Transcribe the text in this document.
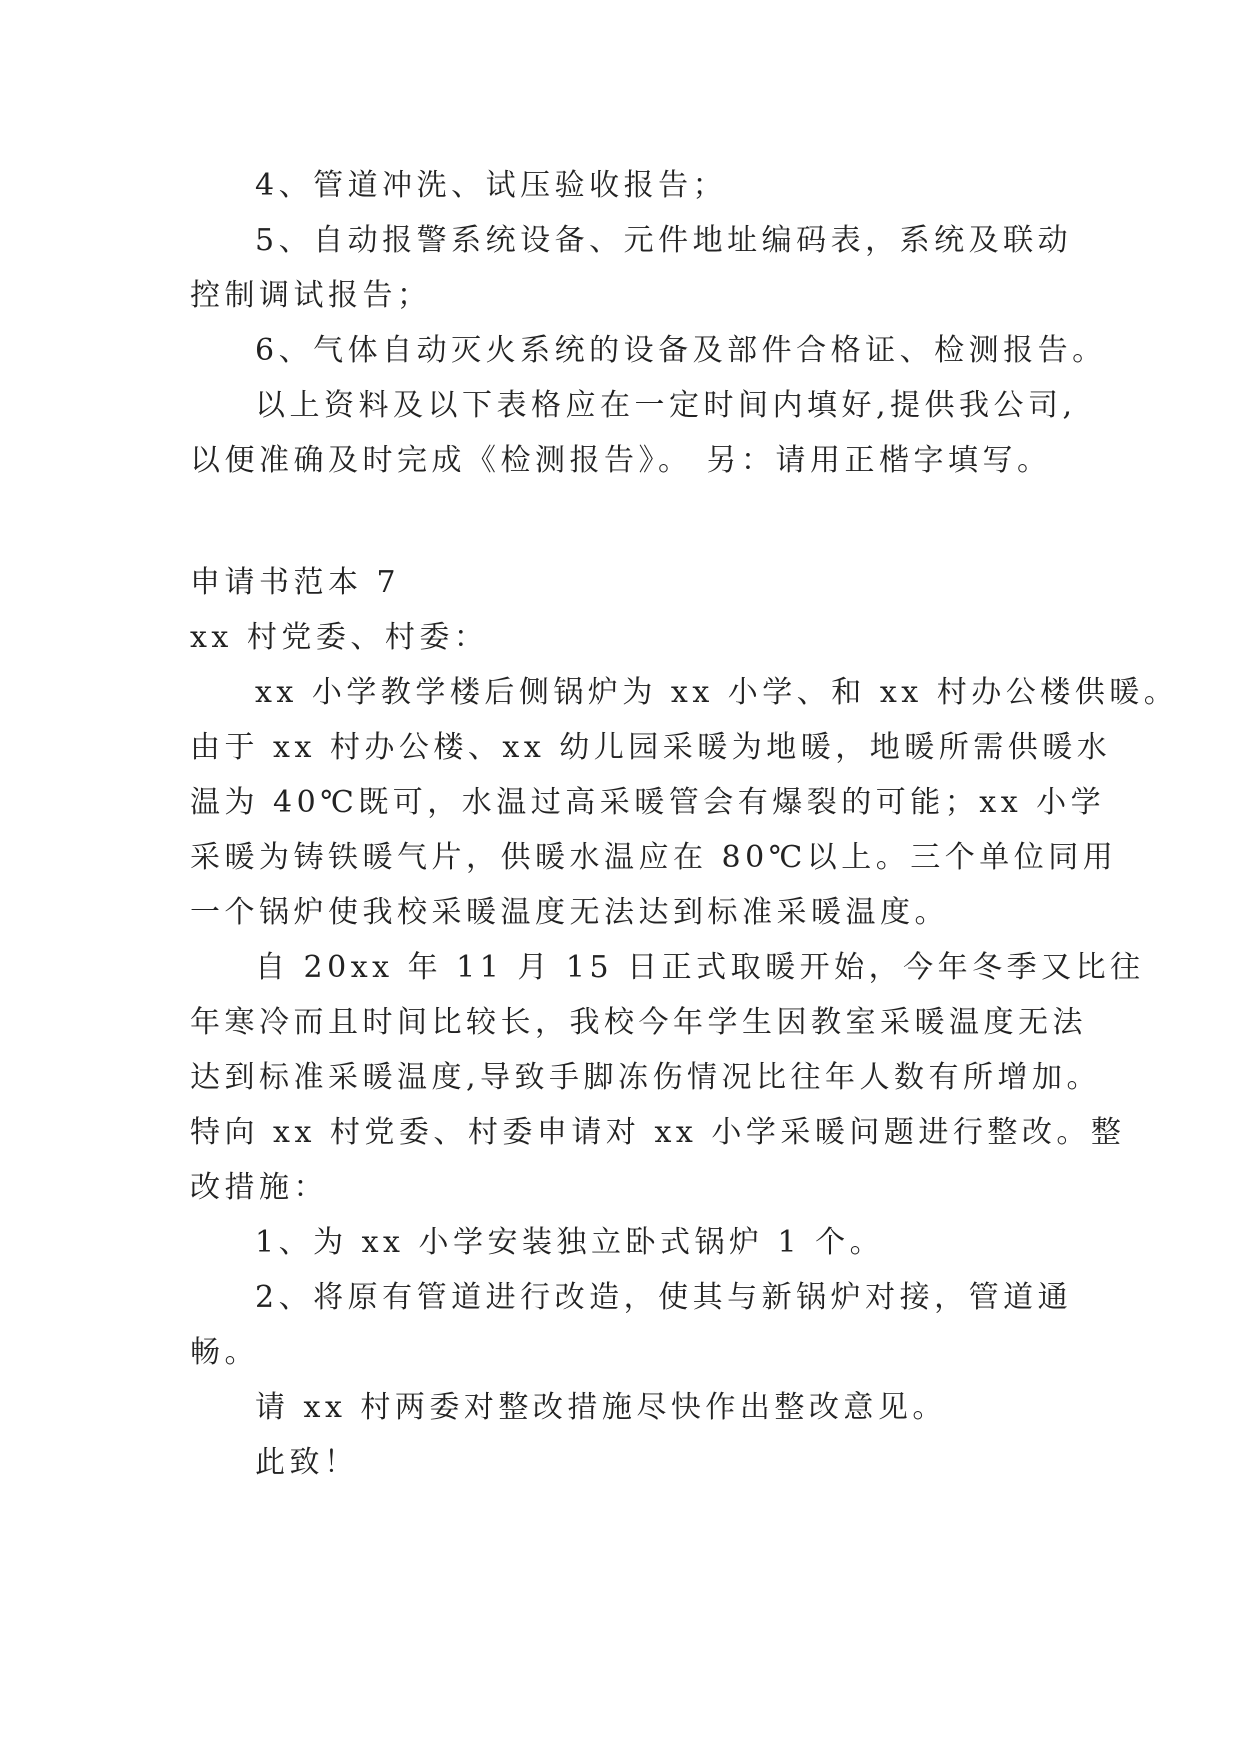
4、管道冲洗、试压验收报告；
5、自动报警系统设备、元件地址编码表，系统及联动
控制调试报告；
6、气体自动灭火系统的设备及部件合格证、检测报告。
以上资料及以下表格应在一定时间内填好,提供我公司,
以便准确及时完成《检测报告》。 另：请用正楷字填写。
申请书范本 7
xx 村党委、村委：
xx 小学教学楼后侧锅炉为 xx 小学、和 xx 村办公楼供暖。
由于 xx 村办公楼、xx 幼儿园采暖为地暖，地暖所需供暖水
温为 40℃既可，水温过高采暖管会有爆裂的可能；xx 小学
采暖为铸铁暖气片，供暖水温应在 80℃以上。三个单位同用
一个锅炉使我校采暖温度无法达到标准采暖温度。
自 20xx 年 11 月 15 日正式取暖开始，今年冬季又比往
年寒冷而且时间比较长，我校今年学生因教室采暖温度无法
达到标准采暖温度,导致手脚冻伤情况比往年人数有所增加。
特向 xx 村党委、村委申请对 xx 小学采暖问题进行整改。整
改措施：
1、为 xx 小学安装独立卧式锅炉 1 个。
2、将原有管道进行改造，使其与新锅炉对接，管道通
畅。
请 xx 村两委对整改措施尽快作出整改意见。
此致！
